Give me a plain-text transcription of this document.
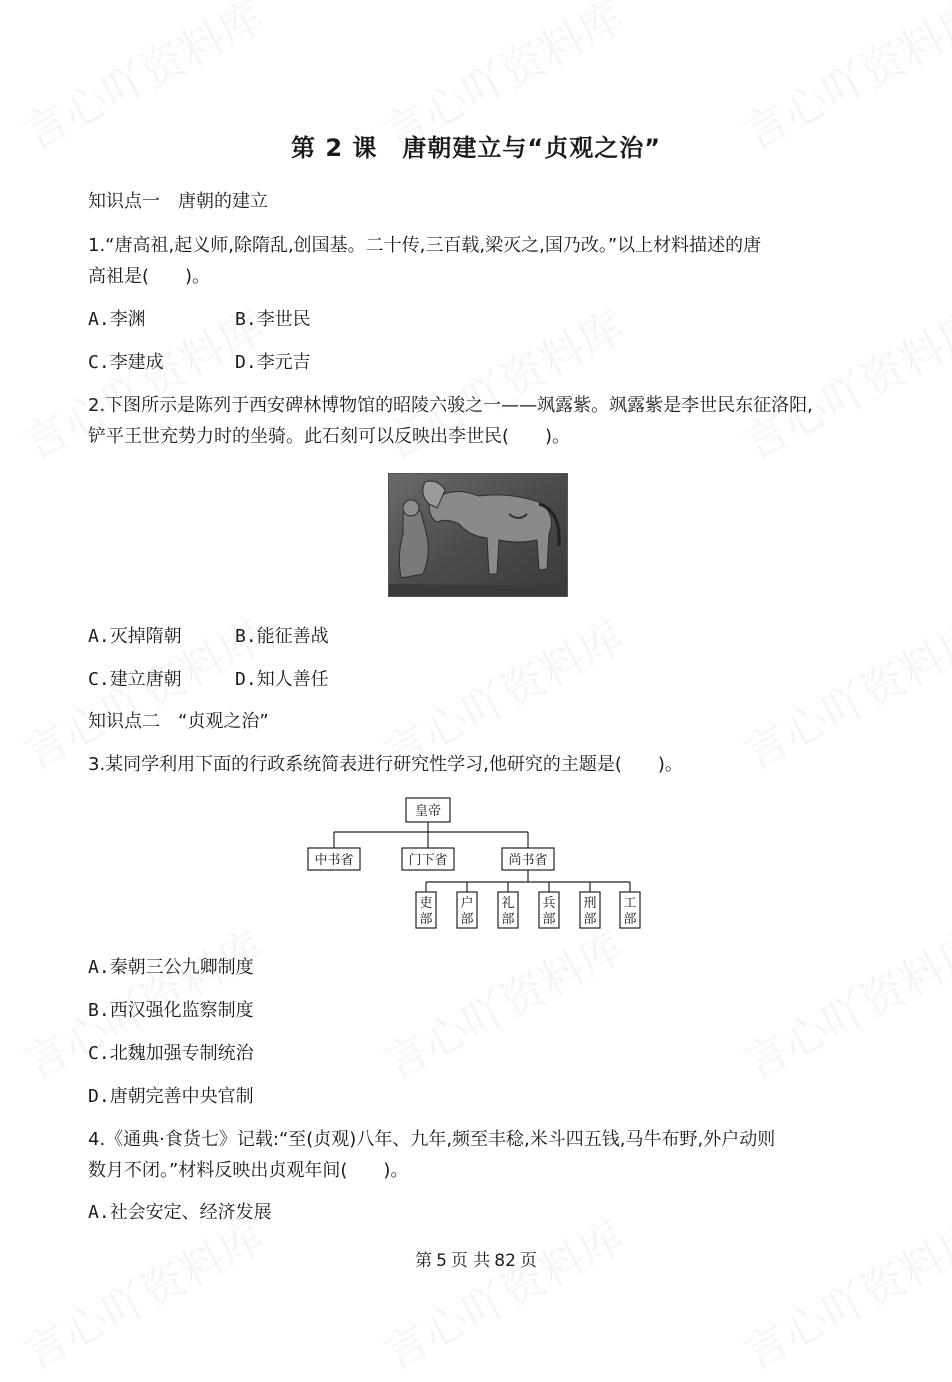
第 2 课　唐朝建立与“贞观之治”
知识点一　唐朝的建立
1.“唐高祖,起义师,除隋乱,创国基。二十传,三百载,梁灭之,国乃改。”以上材料描述的唐
高祖是(　　)。
A.李渊	B.李世民
C.李建成	D.李元吉
2.下图所示是陈列于西安碑林博物馆的昭陵六骏之一——飒露紫。飒露紫是李世民东征洛阳,
铲平王世充势力时的坐骑。此石刻可以反映出李世民(　　)。
A.灭掉隋朝	B.能征善战
C.建立唐朝	D.知人善任
知识点二　“贞观之治”
3.某同学利用下面的行政系统简表进行研究性学习,他研究的主题是(　　)。
皇帝
中书省	门下省	尚书省
吏
部
户
部
礼
部
兵
部
刑
部
工
部
A.秦朝三公九卿制度
B.西汉强化监察制度
C.北魏加强专制统治
D.唐朝完善中央官制
4.《通典·食货七》记载:“至(贞观)八年、九年,频至丰稔,米斗四五钱,马牛布野,外户动则
数月不闭。”材料反映出贞观年间(　　)。
A.社会安定、经济发展
第 5 页 共 82 页
